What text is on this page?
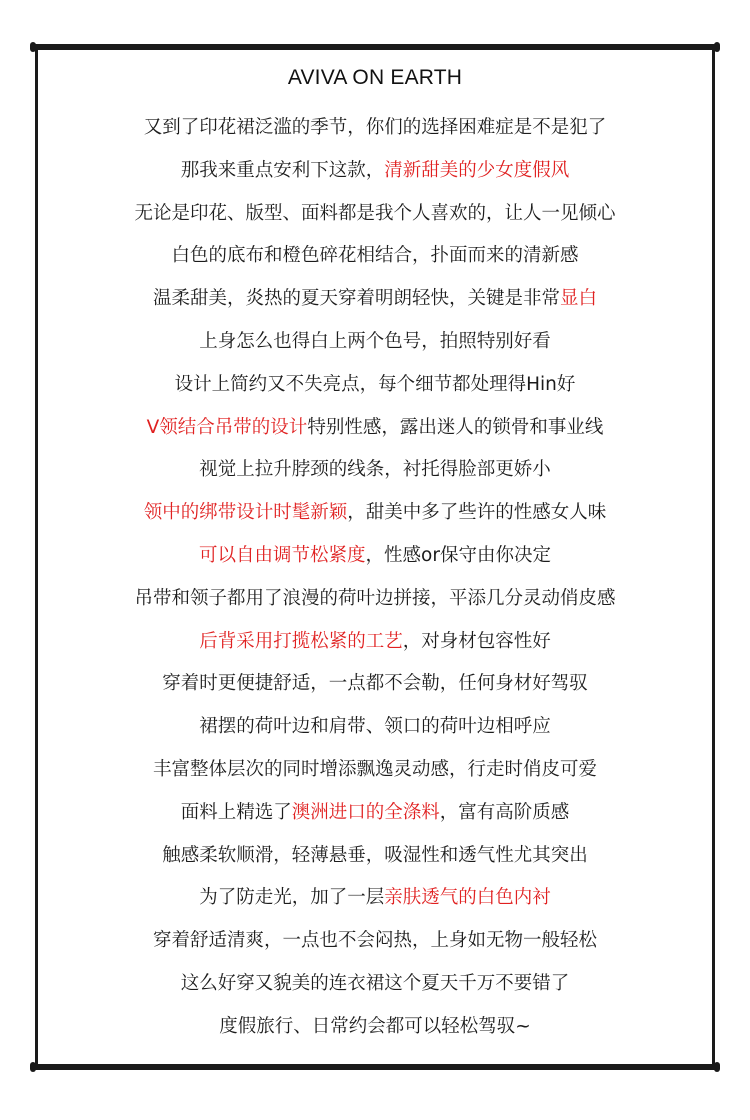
AVIVA ON EARTH
又到了印花裙泛滥的季节，你们的选择困难症是不是犯了
那我来重点安利下这款，清新甜美的少女度假风
无论是印花、版型、面料都是我个人喜欢的，让人一见倾心
白色的底布和橙色碎花相结合，扑面而来的清新感
温柔甜美，炎热的夏天穿着明朗轻快，关键是非常显白
上身怎么也得白上两个色号，拍照特别好看
设计上简约又不失亮点，每个细节都处理得Hin好
V领结合吊带的设计特别性感，露出迷人的锁骨和事业线
视觉上拉升脖颈的线条，衬托得脸部更娇小
领中的绑带设计时髦新颖，甜美中多了些许的性感女人味
可以自由调节松紧度，性感or保守由你决定
吊带和领子都用了浪漫的荷叶边拼接，平添几分灵动俏皮感
后背采用打揽松紧的工艺，对身材包容性好
穿着时更便捷舒适，一点都不会勒，任何身材好驾驭
裙摆的荷叶边和肩带、领口的荷叶边相呼应
丰富整体层次的同时增添飘逸灵动感，行走时俏皮可爱
面料上精选了澳洲进口的全涤料，富有高阶质感
触感柔软顺滑，轻薄悬垂，吸湿性和透气性尤其突出
为了防走光，加了一层亲肤透气的白色内衬
穿着舒适清爽，一点也不会闷热，上身如无物一般轻松
这么好穿又貌美的连衣裙这个夏天千万不要错了
度假旅行、日常约会都可以轻松驾驭~
